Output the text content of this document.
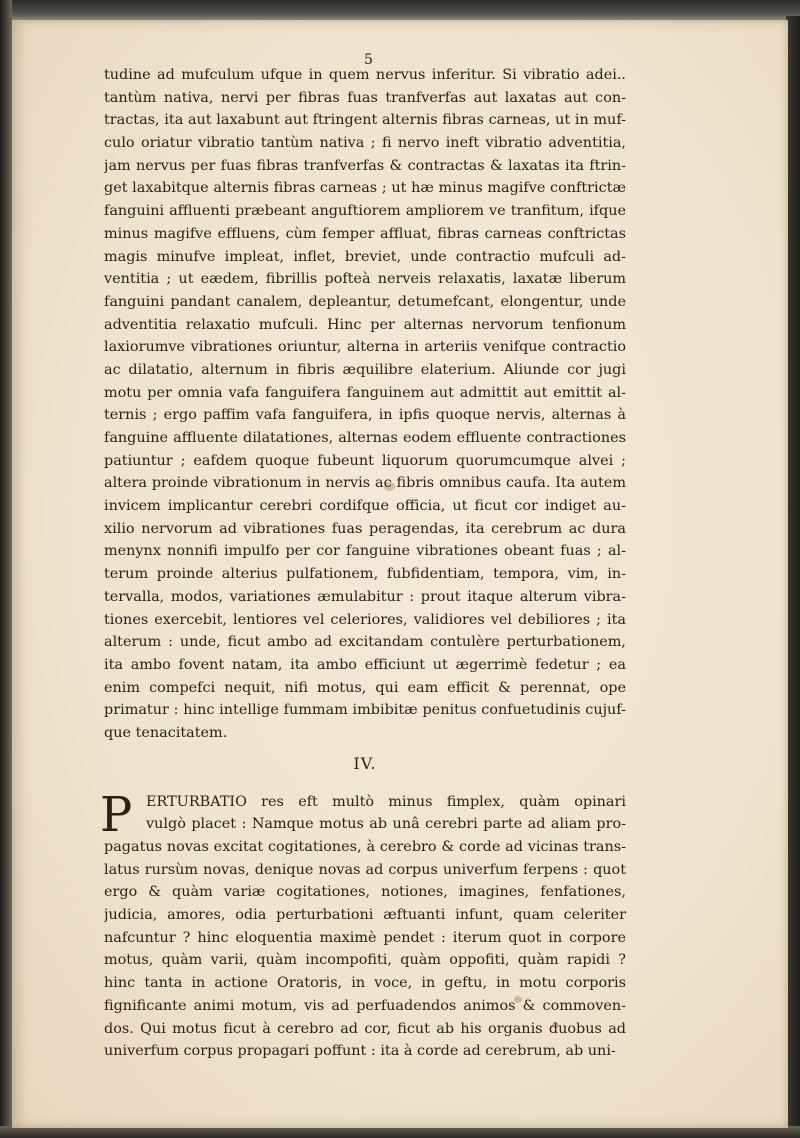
5
tudine ad mufculum ufque in quem nervus inferitur. Si vibratio adei..
tantùm nativa, nervi per fibras fuas tranfverfas aut laxatas aut con-
tractas, ita aut laxabunt aut ftringent alternis fibras carneas, ut in muf-
culo oriatur vibratio tantùm nativa ; fi nervo ineft vibratio adventitia,
jam nervus per fuas fibras tranfverfas & contractas & laxatas ita ftrin-
get laxabitque alternis fibras carneas ; ut hæ minus magifve conftrictæ
fanguini affluenti præbeant anguftiorem ampliorem ve tranfitum, ifque
minus magifve effluens, cùm femper affluat, fibras carneas conftrictas
magis minufve impleat, inflet, breviet, unde contractio mufculi ad-
ventitia ; ut eædem, fibrillis pofteà nerveis relaxatis, laxatæ liberum
fanguini pandant canalem, depleantur, detumefcant, elongentur, unde
adventitia relaxatio mufculi. Hinc per alternas nervorum tenfionum
laxiorumve vibrationes oriuntur, alterna in arteriis venifque contractio
ac dilatatio, alternum in fibris æquilibre elaterium. Aliunde cor jugi
motu per omnia vafa fanguifera fanguinem aut admittit aut emittit al-
ternis ; ergo paffim vafa fanguifera, in ipfis quoque nervis, alternas à
fanguine affluente dilatationes, alternas eodem effluente contractiones
patiuntur ; eafdem quoque fubeunt liquorum quorumcumque alvei ;
altera proinde vibrationum in nervis ac fibris omnibus caufa. Ita autem
invicem implicantur cerebri cordifque officia, ut ficut cor indiget au-
xilio nervorum ad vibrationes fuas peragendas, ita cerebrum ac dura
menynx nonnifi impulfo per cor fanguine vibrationes obeant fuas ; al-
terum proinde alterius pulfationem, fubfidentiam, tempora, vim, in-
tervalla, modos, variationes æmulabitur : prout itaque alterum vibra-
tiones exercebit, lentiores vel celeriores, validiores vel debiliores ; ita
alterum : unde, ficut ambo ad excitandam contulère perturbationem,
ita ambo fovent natam, ita ambo efficiunt ut ægerrimè fedetur ; ea
enim compefci nequit, nifi motus, qui eam efficit & perennat, ope
primatur : hinc intellige fummam imbibitæ penitus confuetudinis cujuf-
que tenacitatem.
IV.
P ERTURBATIO res eft multò minus fimplex, quàm opinari
vulgò placet : Namque motus ab unâ cerebri parte ad aliam pro-
pagatus novas excitat cogitationes, à cerebro & corde ad vicinas trans-
latus rursùm novas, denique novas ad corpus univerfum ferpens : quot
ergo & quàm variæ cogitationes, notiones, imagines, fenfationes,
judicia, amores, odia perturbationi æftuanti infunt, quam celeriter
nafcuntur ? hinc eloquentia maximè pendet : iterum quot in corpore
motus, quàm varii, quàm incompofiti, quàm oppofiti, quàm rapidi ?
hinc tanta in actione Oratoris, in voce, in geftu, in motu corporis
fignificante animi motum, vis ad perfuadendos animos & commoven-
dos. Qui motus ficut à cerebro ad cor, ficut ab his organis duobus ad
univerfum corpus propagari poffunt : ita à corde ad cerebrum, ab uni-
